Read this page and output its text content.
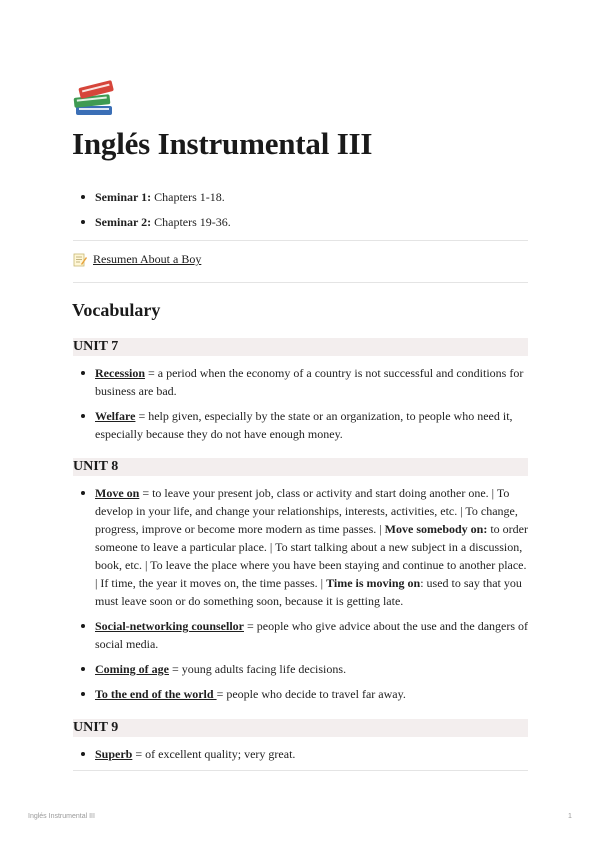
Inglés Instrumental III
Seminar 1: Chapters 1-18.
Seminar 2: Chapters 19-36.
Resumen About a Boy
Vocabulary
UNIT 7
Recession = a period when the economy of a country is not successful and conditions for business are bad.
Welfare = help given, especially by the state or an organization, to people who need it, especially because they do not have enough money.
UNIT 8
Move on = to leave your present job, class or activity and start doing another one. | To develop in your life, and change your relationships, interests, activities, etc. | To change, progress, improve or become more modern as time passes. | Move somebody on: to order someone to leave a particular place. | To start talking about a new subject in a discussion, book, etc. | To leave the place where you have been staying and continue to another place. | If time, the year it moves on, the time passes. | Time is moving on: used to say that you must leave soon or do something soon, because it is getting late.
Social-networking counsellor = people who give advice about the use and the dangers of social media.
Coming of age = young adults facing life decisions.
To the end of the world = people who decide to travel far away.
UNIT 9
Superb = of excellent quality; very great.
Inglés Instrumental III	1
